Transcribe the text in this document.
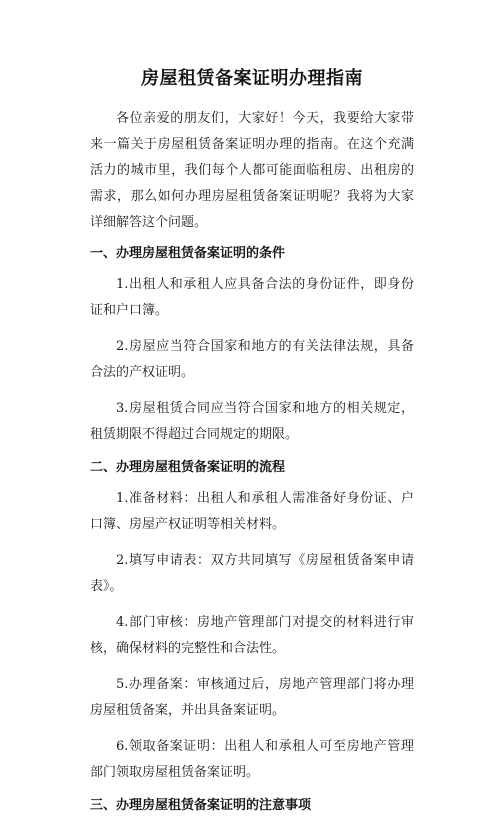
房屋租赁备案证明办理指南

各位亲爱的朋友们，大家好！今天，我要给大家带来一篇关于房屋租赁备案证明办理的指南。在这个充满活力的城市里，我们每个人都可能面临租房、出租房的需求，那么如何办理房屋租赁备案证明呢？我将为大家详细解答这个问题。

一、办理房屋租赁备案证明的条件

1.出租人和承租人应具备合法的身份证件，即身份证和户口簿。

2.房屋应当符合国家和地方的有关法律法规，具备合法的产权证明。

3.房屋租赁合同应当符合国家和地方的相关规定，租赁期限不得超过合同规定的期限。

二、办理房屋租赁备案证明的流程

1.准备材料：出租人和承租人需准备好身份证、户口簿、房屋产权证明等相关材料。

2.填写申请表：双方共同填写《房屋租赁备案申请表》。

4.部门审核：房地产管理部门对提交的材料进行审核，确保材料的完整性和合法性。

5.办理备案：审核通过后，房地产管理部门将办理房屋租赁备案，并出具备案证明。

6.领取备案证明：出租人和承租人可至房地产管理部门领取房屋租赁备案证明。

三、办理房屋租赁备案证明的注意事项
